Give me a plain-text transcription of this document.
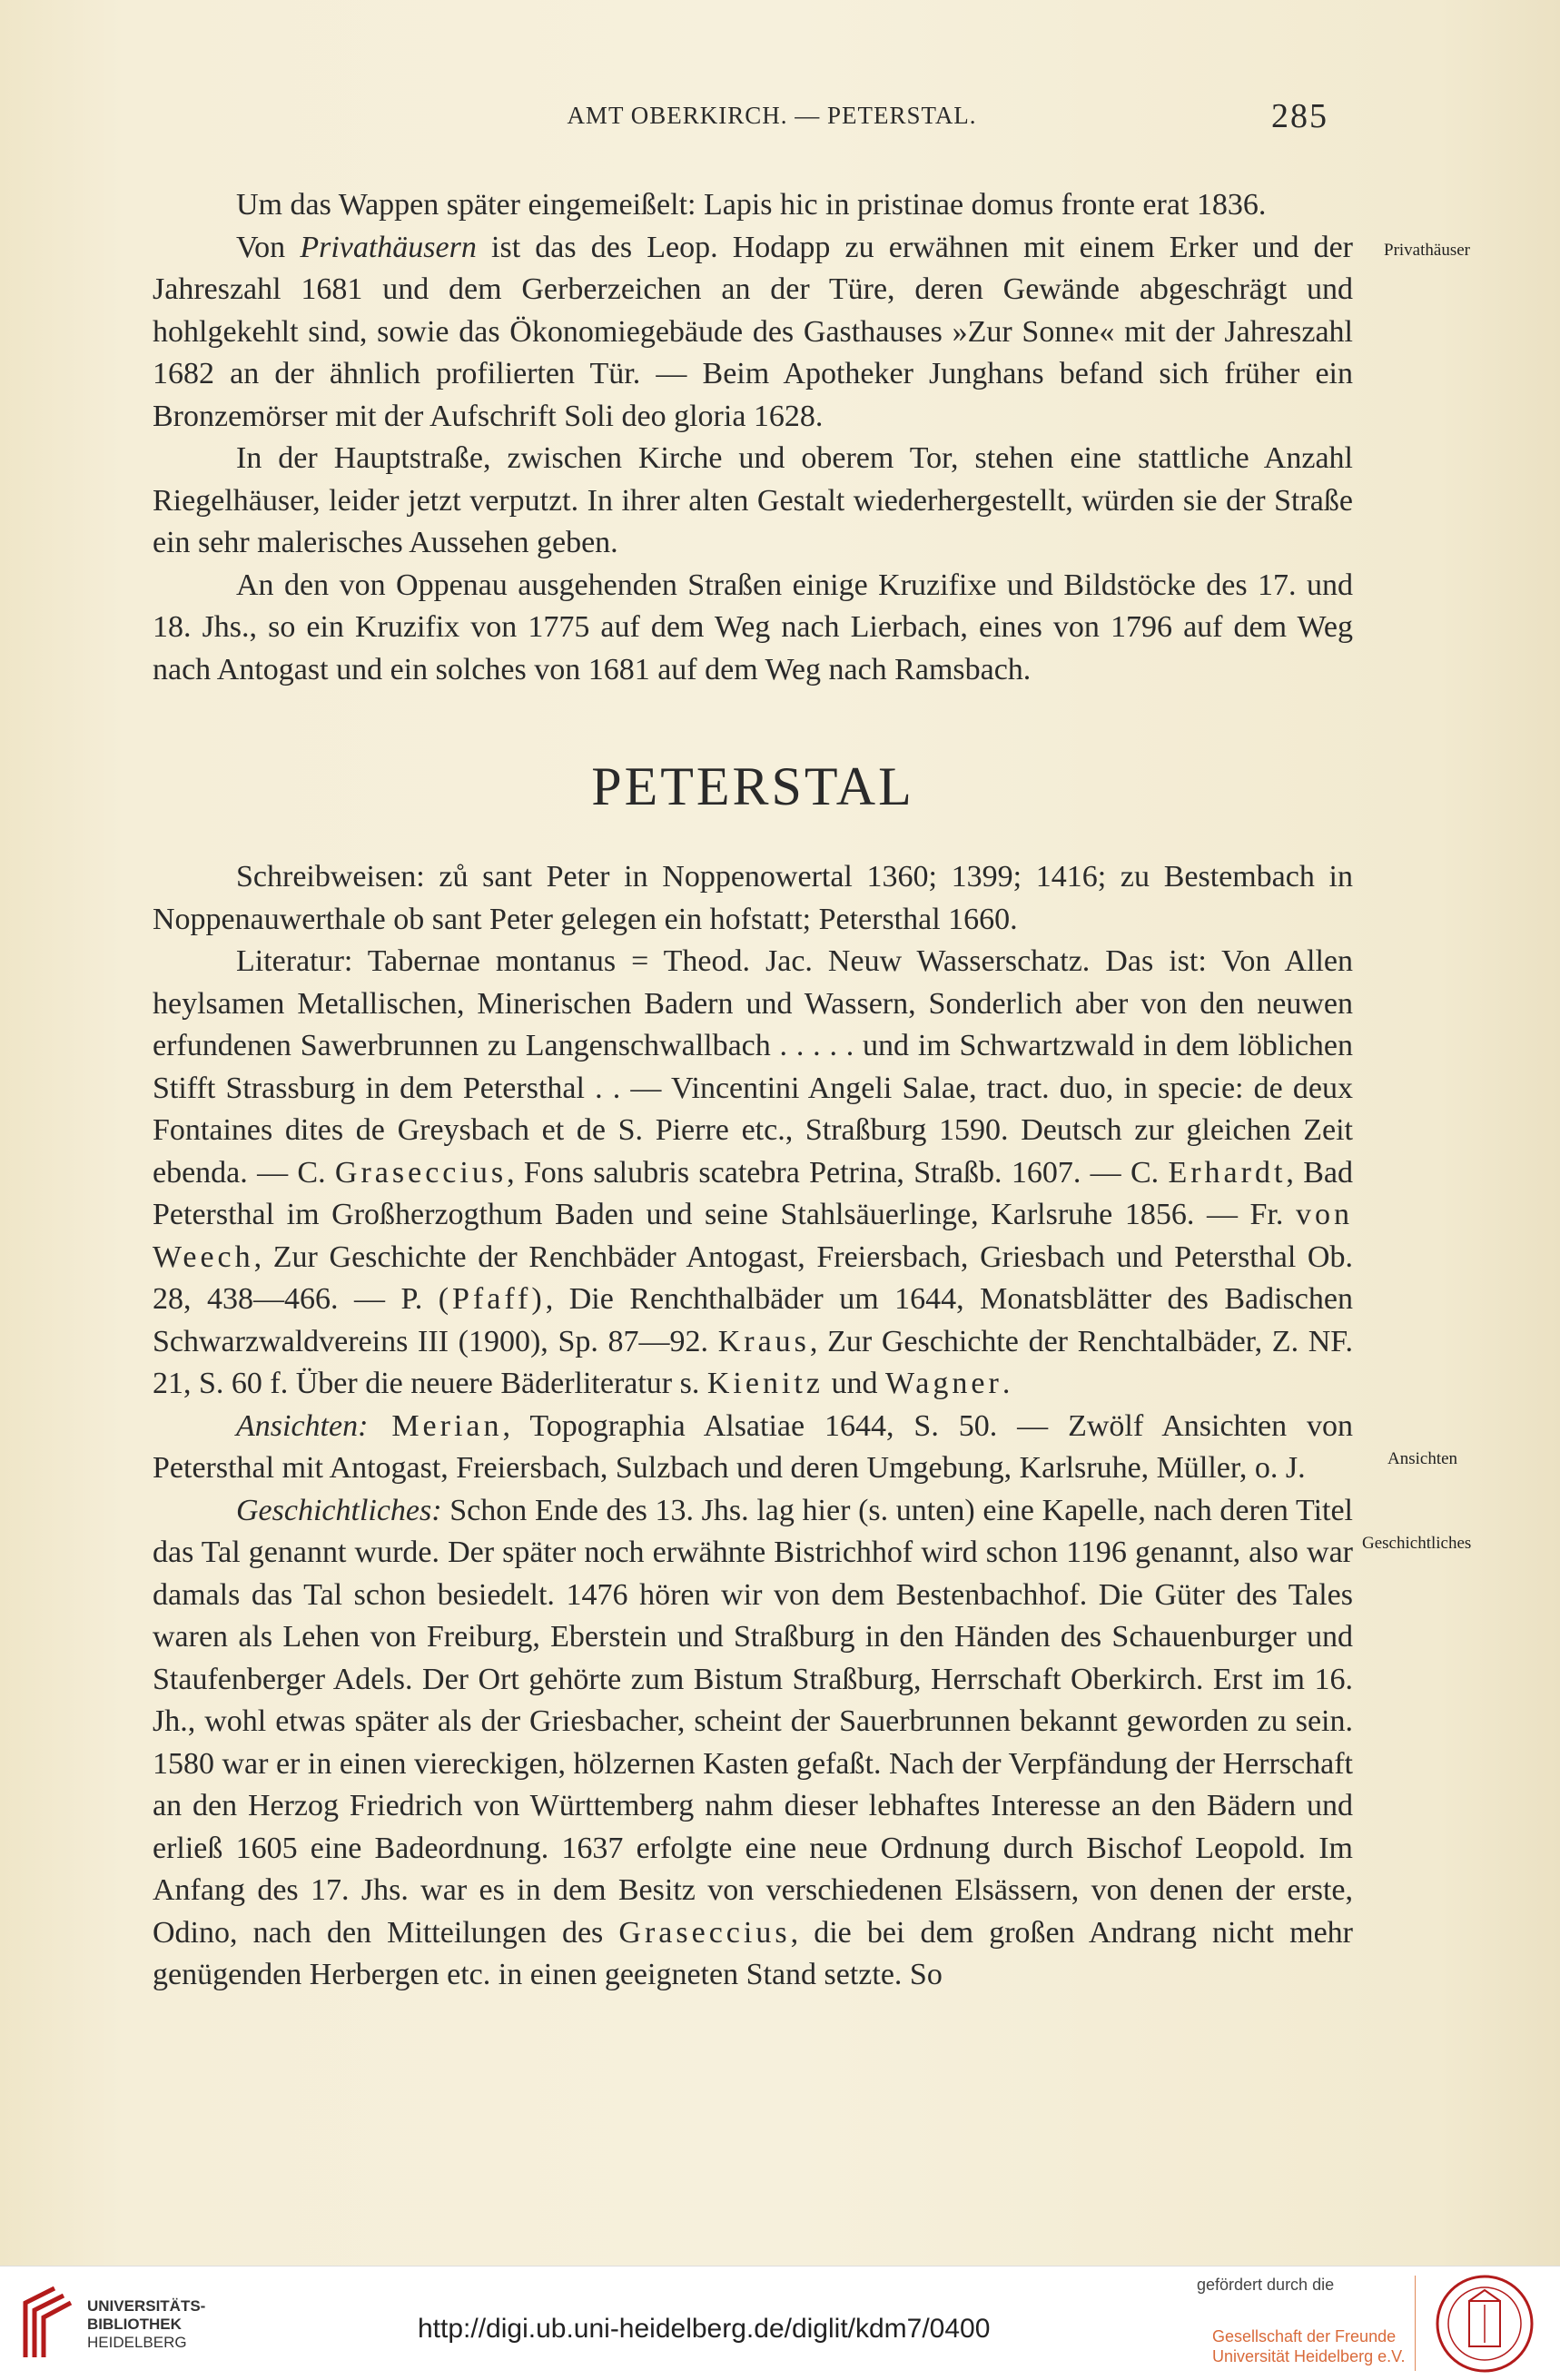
AMT OBERKIRCH. — PETERSTAL.	285
Privathäuser
Ansichten
Geschichtliches

Um das Wappen später eingemeißelt: Lapis hic in pristinae domus fronte erat 1836.

Von Privathäusern ist das des Leop. Hodapp zu erwähnen mit einem Erker und der Jahreszahl 1681 und dem Gerberzeichen an der Türe, deren Gewände abgeschrägt und hohlgekehlt sind, sowie das Ökonomiegebäude des Gasthauses »Zur Sonne« mit der Jahreszahl 1682 an der ähnlich profilierten Tür. — Beim Apotheker Junghans befand sich früher ein Bronzemörser mit der Aufschrift Soli deo gloria 1628.

In der Hauptstraße, zwischen Kirche und oberem Tor, stehen eine stattliche Anzahl Riegelhäuser, leider jetzt verputzt. In ihrer alten Gestalt wiederhergestellt, würden sie der Straße ein sehr malerisches Aussehen geben.

An den von Oppenau ausgehenden Straßen einige Kruzifixe und Bildstöcke des 17. und 18. Jhs., so ein Kruzifix von 1775 auf dem Weg nach Lierbach, eines von 1796 auf dem Weg nach Antogast und ein solches von 1681 auf dem Weg nach Ramsbach.

PETERSTAL

Schreibweisen: zů sant Peter in Noppenowertal 1360; 1399; 1416; zu Bestembach in Noppenauwerthale ob sant Peter gelegen ein hofstatt; Petersthal 1660.

Literatur: Tabernae montanus = Theod. Jac. Neuw Wasserschatz. Das ist: Von Allen heylsamen Metallischen, Minerischen Badern und Wassern, Sonderlich aber von den neuwen erfundenen Sawerbrunnen zu Langenschwallbach . . . . . und im Schwartzwald in dem löblichen Stifft Strassburg in dem Petersthal . . — Vincentini Angeli Salae, tract. duo, in specie: de deux Fontaines dites de Greysbach et de S. Pierre etc., Straßburg 1590. Deutsch zur gleichen Zeit ebenda. — C. Graseccius, Fons salubris scatebra Petrina, Straßb. 1607. — C. Erhardt, Bad Petersthal im Großherzogthum Baden und seine Stahlsäuerlinge, Karlsruhe 1856. — Fr. von Weech, Zur Geschichte der Renchbäder Antogast, Freiersbach, Griesbach und Petersthal Ob. 28, 438—466. — P. (Pfaff), Die Renchthalbäder um 1644, Monatsblätter des Badischen Schwarzwaldvereins III (1900), Sp. 87—92. Kraus, Zur Geschichte der Renchtalbäder, Z. NF. 21, S. 60 f. Über die neuere Bäderliteratur s. Kienitz und Wagner.

Ansichten: Merian, Topographia Alsatiae 1644, S. 50. — Zwölf Ansichten von Petersthal mit Antogast, Freiersbach, Sulzbach und deren Umgebung, Karlsruhe, Müller, o. J.

Geschichtliches: Schon Ende des 13. Jhs. lag hier (s. unten) eine Kapelle, nach deren Titel das Tal genannt wurde. Der später noch erwähnte Bistrichhof wird schon 1196 genannt, also war damals das Tal schon besiedelt. 1476 hören wir von dem Bestenbachhof. Die Güter des Tales waren als Lehen von Freiburg, Eberstein und Straßburg in den Händen des Schauenburger und Staufenberger Adels. Der Ort gehörte zum Bistum Straßburg, Herrschaft Oberkirch. Erst im 16. Jh., wohl etwas später als der Griesbacher, scheint der Sauerbrunnen bekannt geworden zu sein. 1580 war er in einen viereckigen, hölzernen Kasten gefaßt. Nach der Verpfändung der Herrschaft an den Herzog Friedrich von Württemberg nahm dieser lebhaftes Interesse an den Bädern und erließ 1605 eine Badeordnung. 1637 erfolgte eine neue Ordnung durch Bischof Leopold. Im Anfang des 17. Jhs. war es in dem Besitz von verschiedenen Elsässern, von denen der erste, Odino, nach den Mitteilungen des Graseccius, die bei dem großen Andrang nicht mehr genügenden Herbergen etc. in einen geeigneten Stand setzte. So

UNIVERSITÄTS-
BIBLIOTHEK
HEIDELBERG	http://digi.ub.uni-heidelberg.de/diglit/kdm7/0400
gefördert durch die
Gesellschaft der Freunde
Universität Heidelberg e.V.
